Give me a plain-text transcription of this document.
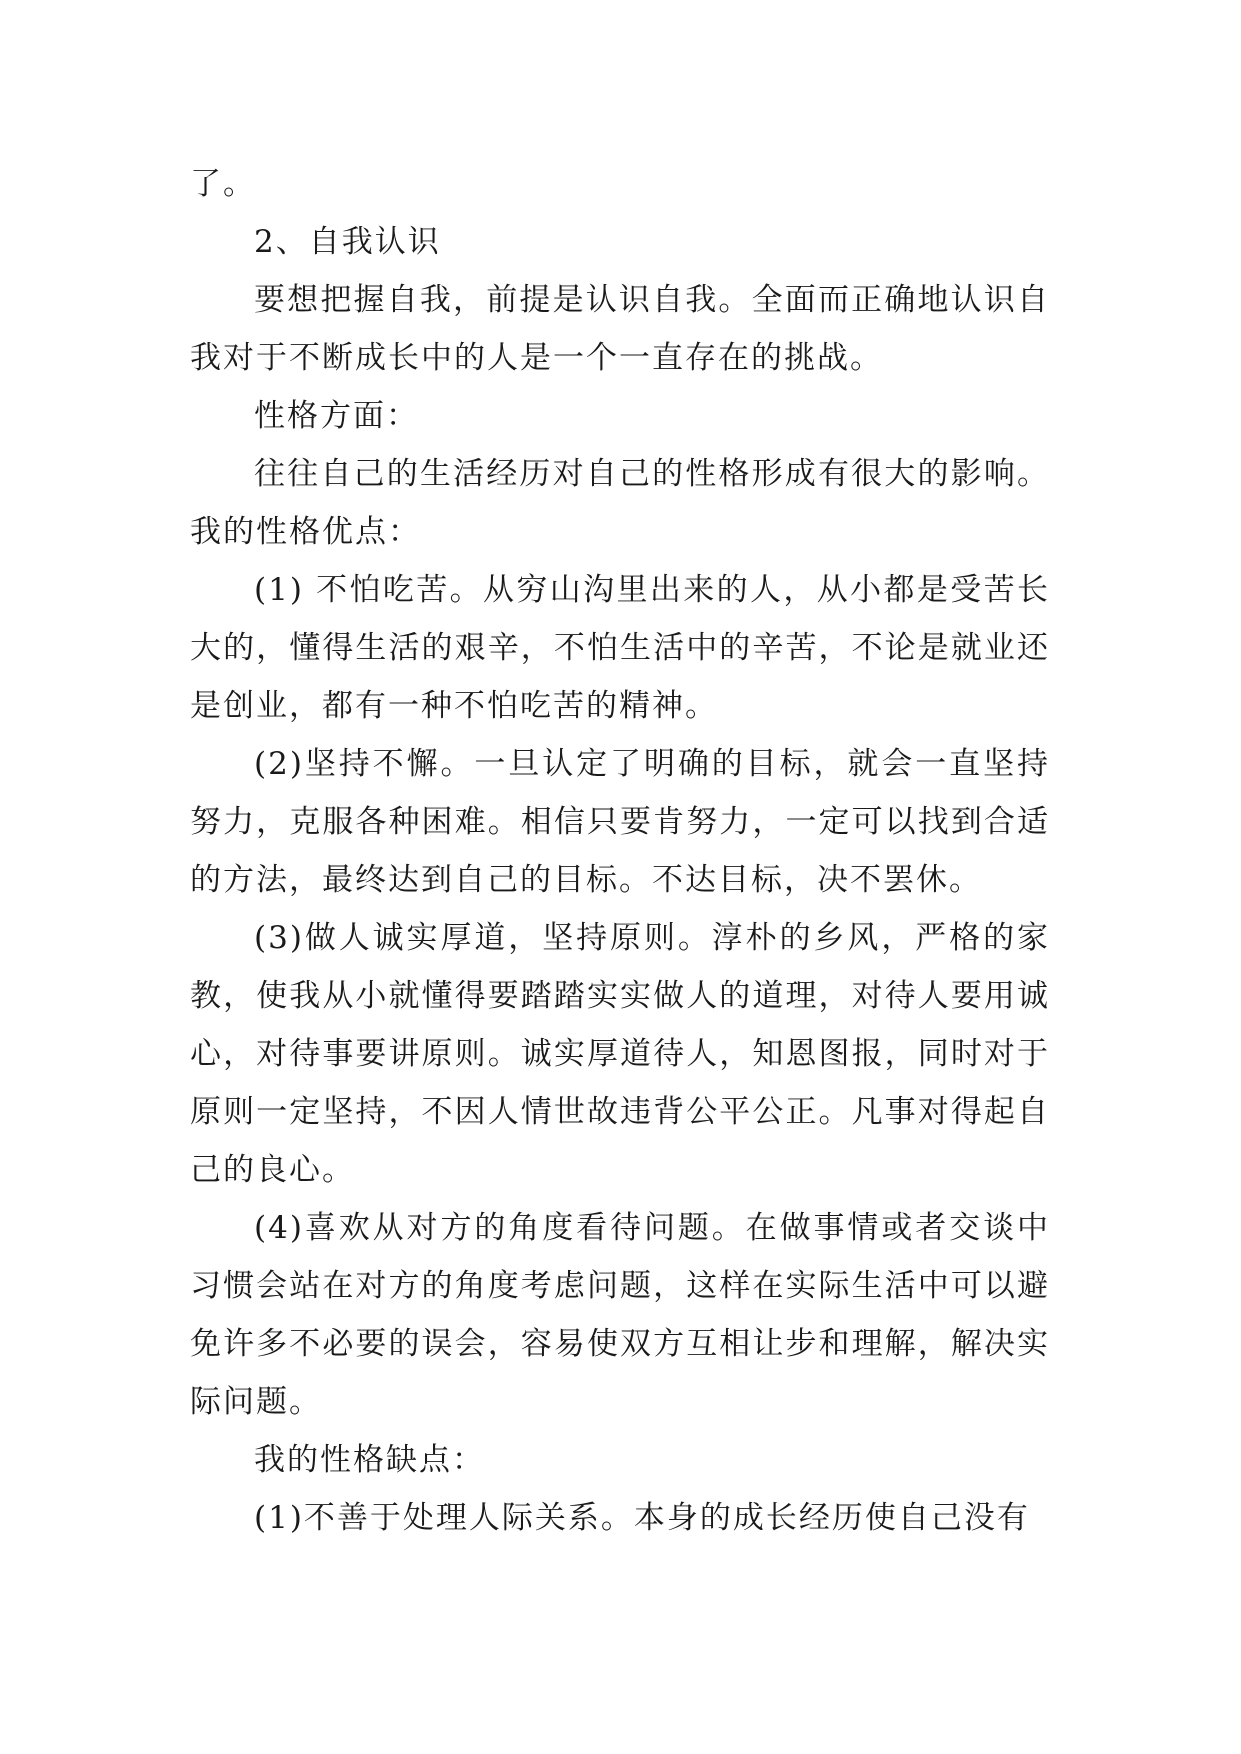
了。

2、自我认识

要想把握自我，前提是认识自我。全面而正确地认识自我对于不断成长中的人是一个一直存在的挑战。

性格方面：

往往自己的生活经历对自己的性格形成有很大的影响。我的性格优点：

(1) 不怕吃苦。从穷山沟里出来的人，从小都是受苦长大的，懂得生活的艰辛，不怕生活中的辛苦，不论是就业还是创业，都有一种不怕吃苦的精神。

(2)坚持不懈。一旦认定了明确的目标，就会一直坚持努力，克服各种困难。相信只要肯努力，一定可以找到合适的方法，最终达到自己的目标。不达目标，决不罢休。

(3)做人诚实厚道，坚持原则。淳朴的乡风，严格的家教，使我从小就懂得要踏踏实实做人的道理，对待人要用诚心，对待事要讲原则。诚实厚道待人，知恩图报，同时对于原则一定坚持，不因人情世故违背公平公正。凡事对得起自己的良心。

(4)喜欢从对方的角度看待问题。在做事情或者交谈中习惯会站在对方的角度考虑问题，这样在实际生活中可以避免许多不必要的误会，容易使双方互相让步和理解，解决实际问题。

我的性格缺点：

(1)不善于处理人际关系。本身的成长经历使自己没有
